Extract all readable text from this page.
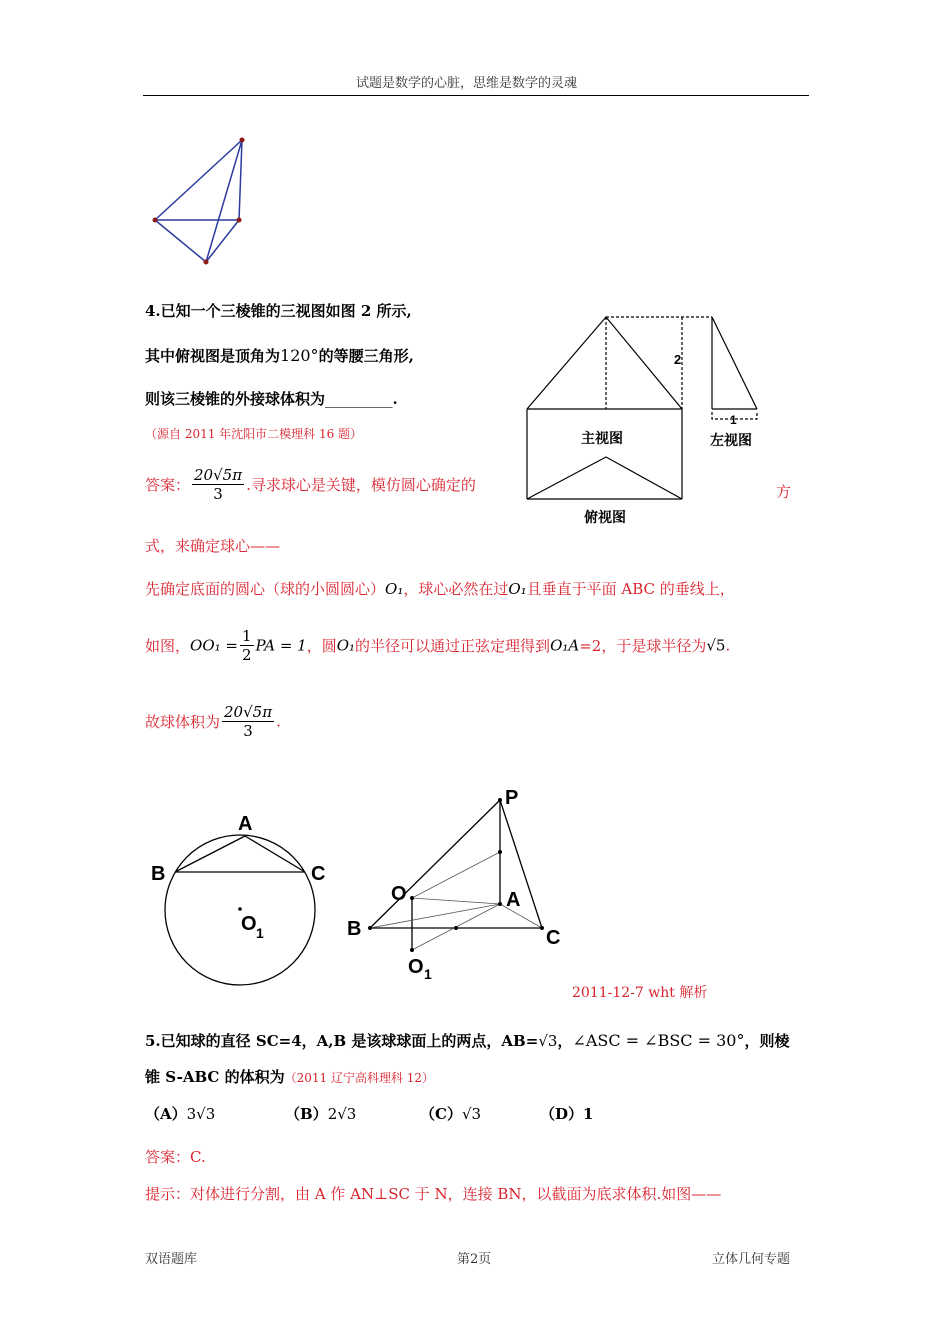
试题是数学的心脏，思维是数学的灵魂
4.已知一个三棱锥的三视图如图 2 所示,
其中俯视图是顶角为120°的等腰三角形,
则该三棱锥的外接球体积为_________.
（源自 2011 年沈阳市二模理科 16 题）
2
1
主视图	左视图
俯视图
答案： $\frac{20√5\pi}{3}$ .寻求球心是关键，模仿圆心确定的	方
式，来确定球心——
先确定底面的圆心（球的小圆圆心）O₁，球心必然在过O₁且垂直于平面 ABC 的垂线上，
如图，$OO_1 = \frac{1}{2}$ PA = 1，圆O₁的半径可以通过正弦定理得到O₁A=2，于是球半径为√5.
故球体积为 $\frac{20√5\pi}{3}$ .
A
B	C
O 1
P
O	A
B	C
O 1
2011-12-7 wht 解析
5.已知球的直径 SC=4，A,B 是该球球面上的两点，AB=√3，∠ASC = ∠BSC = 30°，则棱
锥 S-ABC 的体积为（2011 辽宁高科理科 12）
（A）3√3	（B）2√3	（C）√3	（D）1
答案：C.
提示：对体进行分割，由 A 作 AN⊥SC 于 N，连接 BN，以截面为底求体积.如图——
双语题库	第2页	立体几何专题
